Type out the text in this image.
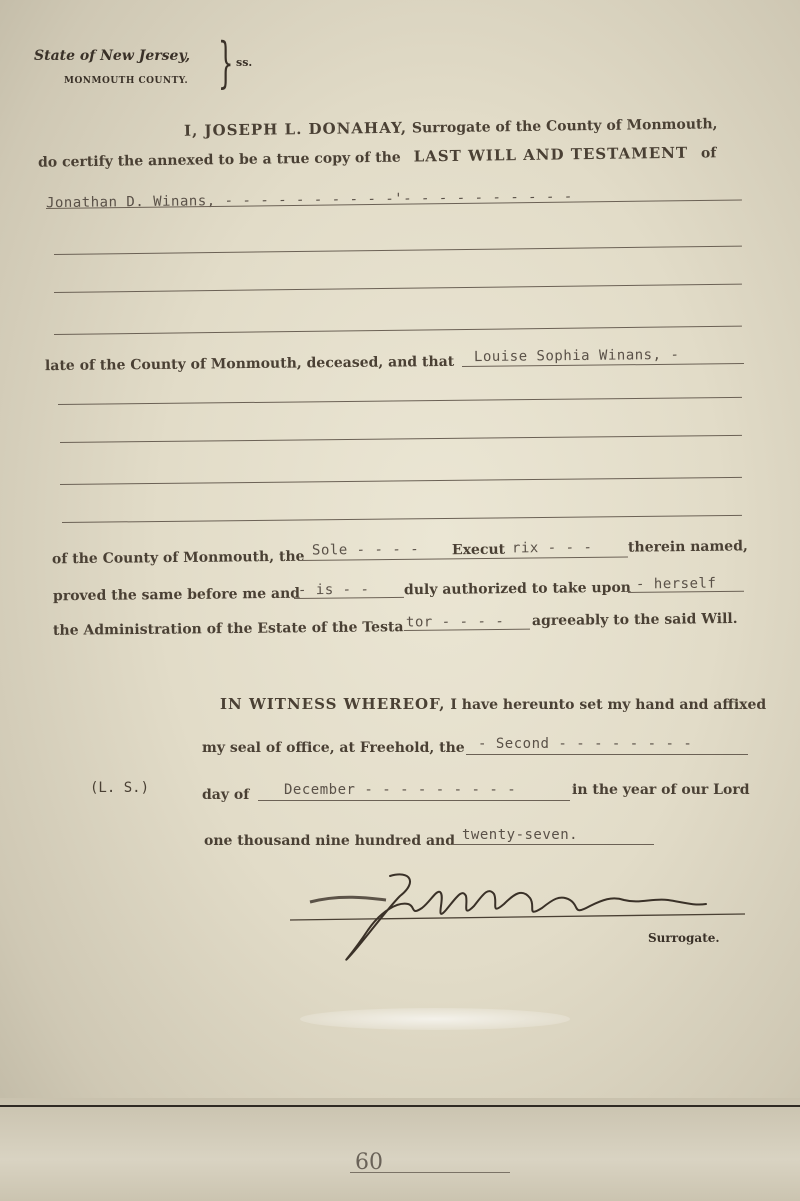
State of New Jersey,
MONMOUTH COUNTY. } ss.
I, JOSEPH L. DONAHAY, Surrogate of the County of Monmouth,
do certify the annexed to be a true copy of the LAST WILL AND TESTAMENT of
Jonathan D. Winans, - - - - - - - - - -'- - - - - - - - - -
late of the County of Monmouth, deceased, and that Louise Sophia Winans, -
of the County of Monmouth, the Sole - - - - Execut rix - - -	therein named,
proved the same before me and
- is - - duly authorized to take upon - herself
the Administration of the Estate of the Testa tor - - - - agreeably to the said Will.
IN WITNESS WHEREOF, I have hereunto set my hand and affixed
my seal of office, at Freehold, the - Second - - - - - - - -
(L. S.)	day of December - - - - - - - - -	in the year of our Lord
one thousand nine hundred and twenty-seven.
Surrogate.
60
